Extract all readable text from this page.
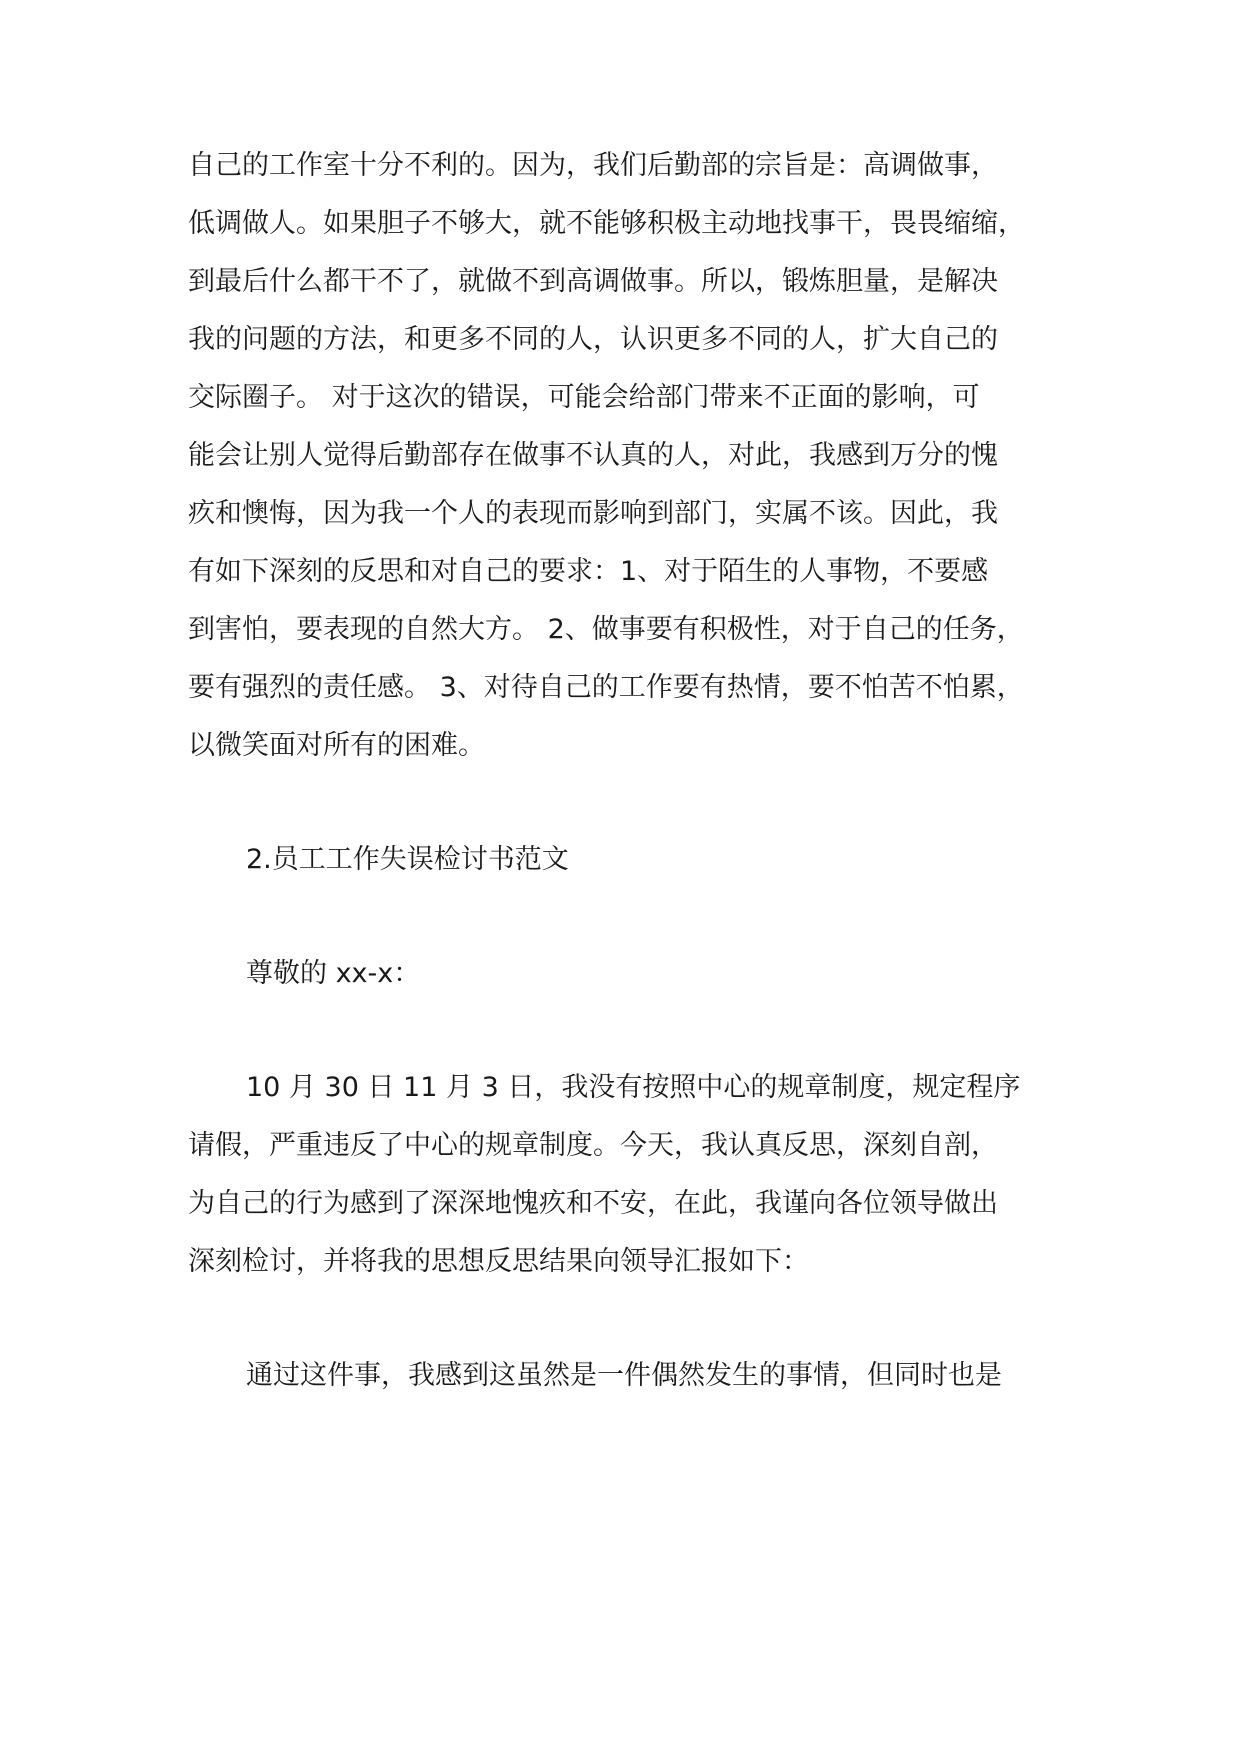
自己的工作室十分不利的。因为，我们后勤部的宗旨是：高调做事，
低调做人。如果胆子不够大，就不能够积极主动地找事干，畏畏缩缩，
到最后什么都干不了，就做不到高调做事。所以，锻炼胆量，是解决
我的问题的方法，和更多不同的人，认识更多不同的人，扩大自己的
交际圈子。 对于这次的错误，可能会给部门带来不正面的影响，可
能会让别人觉得后勤部存在做事不认真的人，对此，我感到万分的愧
疚和懊悔，因为我一个人的表现而影响到部门，实属不该。因此，我
有如下深刻的反思和对自己的要求：1、对于陌生的人事物，不要感
到害怕，要表现的自然大方。 2、做事要有积极性，对于自己的任务，
要有强烈的责任感。 3、对待自己的工作要有热情，要不怕苦不怕累，
以微笑面对所有的困难。
2.员工工作失误检讨书范文
尊敬的 xx-x：
10 月 30 日 11 月 3 日，我没有按照中心的规章制度，规定程序
请假，严重违反了中心的规章制度。今天，我认真反思，深刻自剖，
为自己的行为感到了深深地愧疚和不安，在此，我谨向各位领导做出
深刻检讨，并将我的思想反思结果向领导汇报如下：
通过这件事，我感到这虽然是一件偶然发生的事情，但同时也是
